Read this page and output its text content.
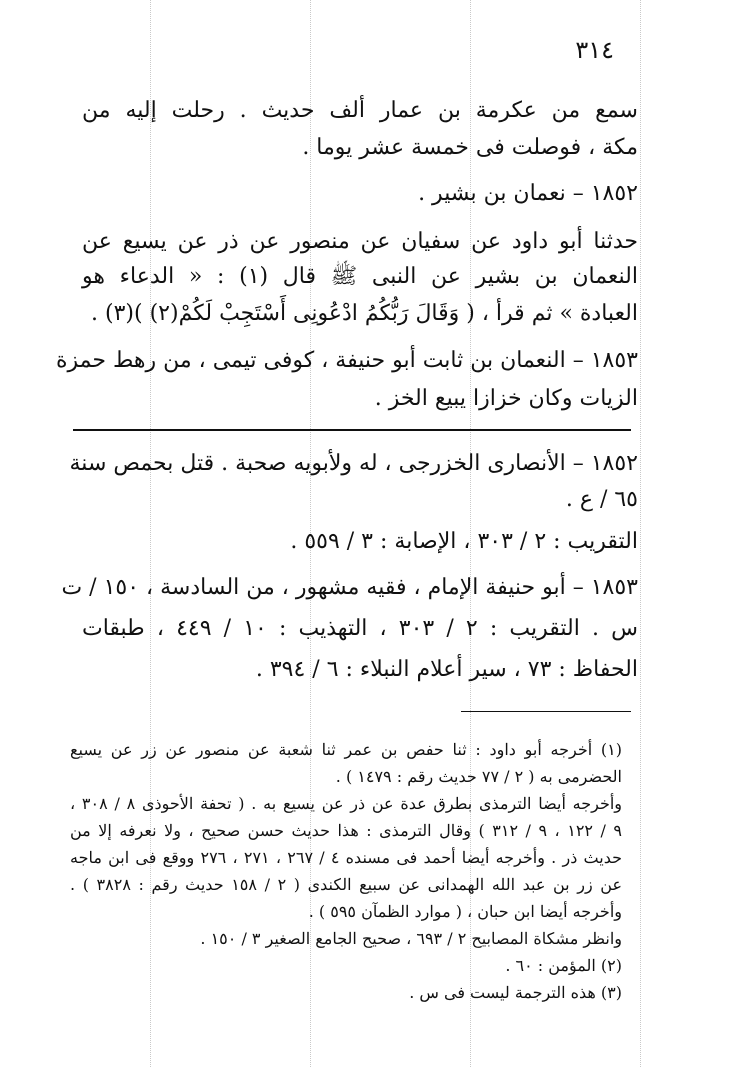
٣١٤
سمع من عكرمة بن عمار ألف حديث . رحلت إليه من
مكة ، فوصلت فى خمسة عشر يوما .
١٨٥٢ – نعمان بن بشير .
حدثنا أبو داود عن سفيان عن منصور عن ذر عن يسيع عن
النعمان بن بشير عن النبى ﷺ قال (١) : « الدعاء هو
العبادة » ثم قرأ ، ( وَقَالَ رَبُّكُمُ ادْعُونِى أَسْتَجِبْ لَكُمْ(٢) )(٣) .
١٨٥٣ – النعمان بن ثابت أبو حنيفة ، كوفى تيمى ، من رهط حمزة
الزيات وكان خزازا يبيع الخز .
١٨٥٢ – الأنصارى الخزرجى ، له ولأبويه صحبة . قتل بحمص سنة
٦٥ / ع .
التقريب : ٢ / ٣٠٣ ، الإصابة : ٣ / ٥٥٩ .
١٨٥٣ – أبو حنيفة الإمام ، فقيه مشهور ، من السادسة ، ١٥٠ / ت
س . التقريب : ٢ / ٣٠٣ ، التهذيب : ١٠ / ٤٤٩ ، طبقات
الحفاظ : ٧٣ ، سير أعلام النبلاء : ٦ / ٣٩٤ .
(١) أخرجه أبو داود : ثنا حفص بن عمر ثنا شعبة عن منصور عن زر عن يسيع
الحضرمى به ( ٢ / ٧٧ حديث رقم : ١٤٧٩ ) .
وأخرجه أيضا الترمذى بطرق عدة عن ذر عن يسيع به . ( تحفة الأحوذى ٨ / ٣٠٨ ،
٩ / ١٢٢ ، ٩ / ٣١٢ ) وقال الترمذى : هذا حديث حسن صحيح ، ولا نعرفه إلا من
حديث ذر . وأخرجه أيضا أحمد فى مسنده ٤ / ٢٦٧ ، ٢٧١ ، ٢٧٦ ووقع فى ابن ماجه
عن زر بن عبد الله الهمدانى عن سبيع الكندى ( ٢ / ١٥٨ حديث رقم : ٣٨٢٨ ) .
وأخرجه أيضا ابن حبان ، ( موارد الظمآن ٥٩٥ ) .
وانظر مشكاة المصابيح ٢ / ٦٩٣ ، صحيح الجامع الصغير ٣ / ١٥٠ .
(٢) المؤمن : ٦٠ .
(٣) هذه الترجمة ليست فى س .
